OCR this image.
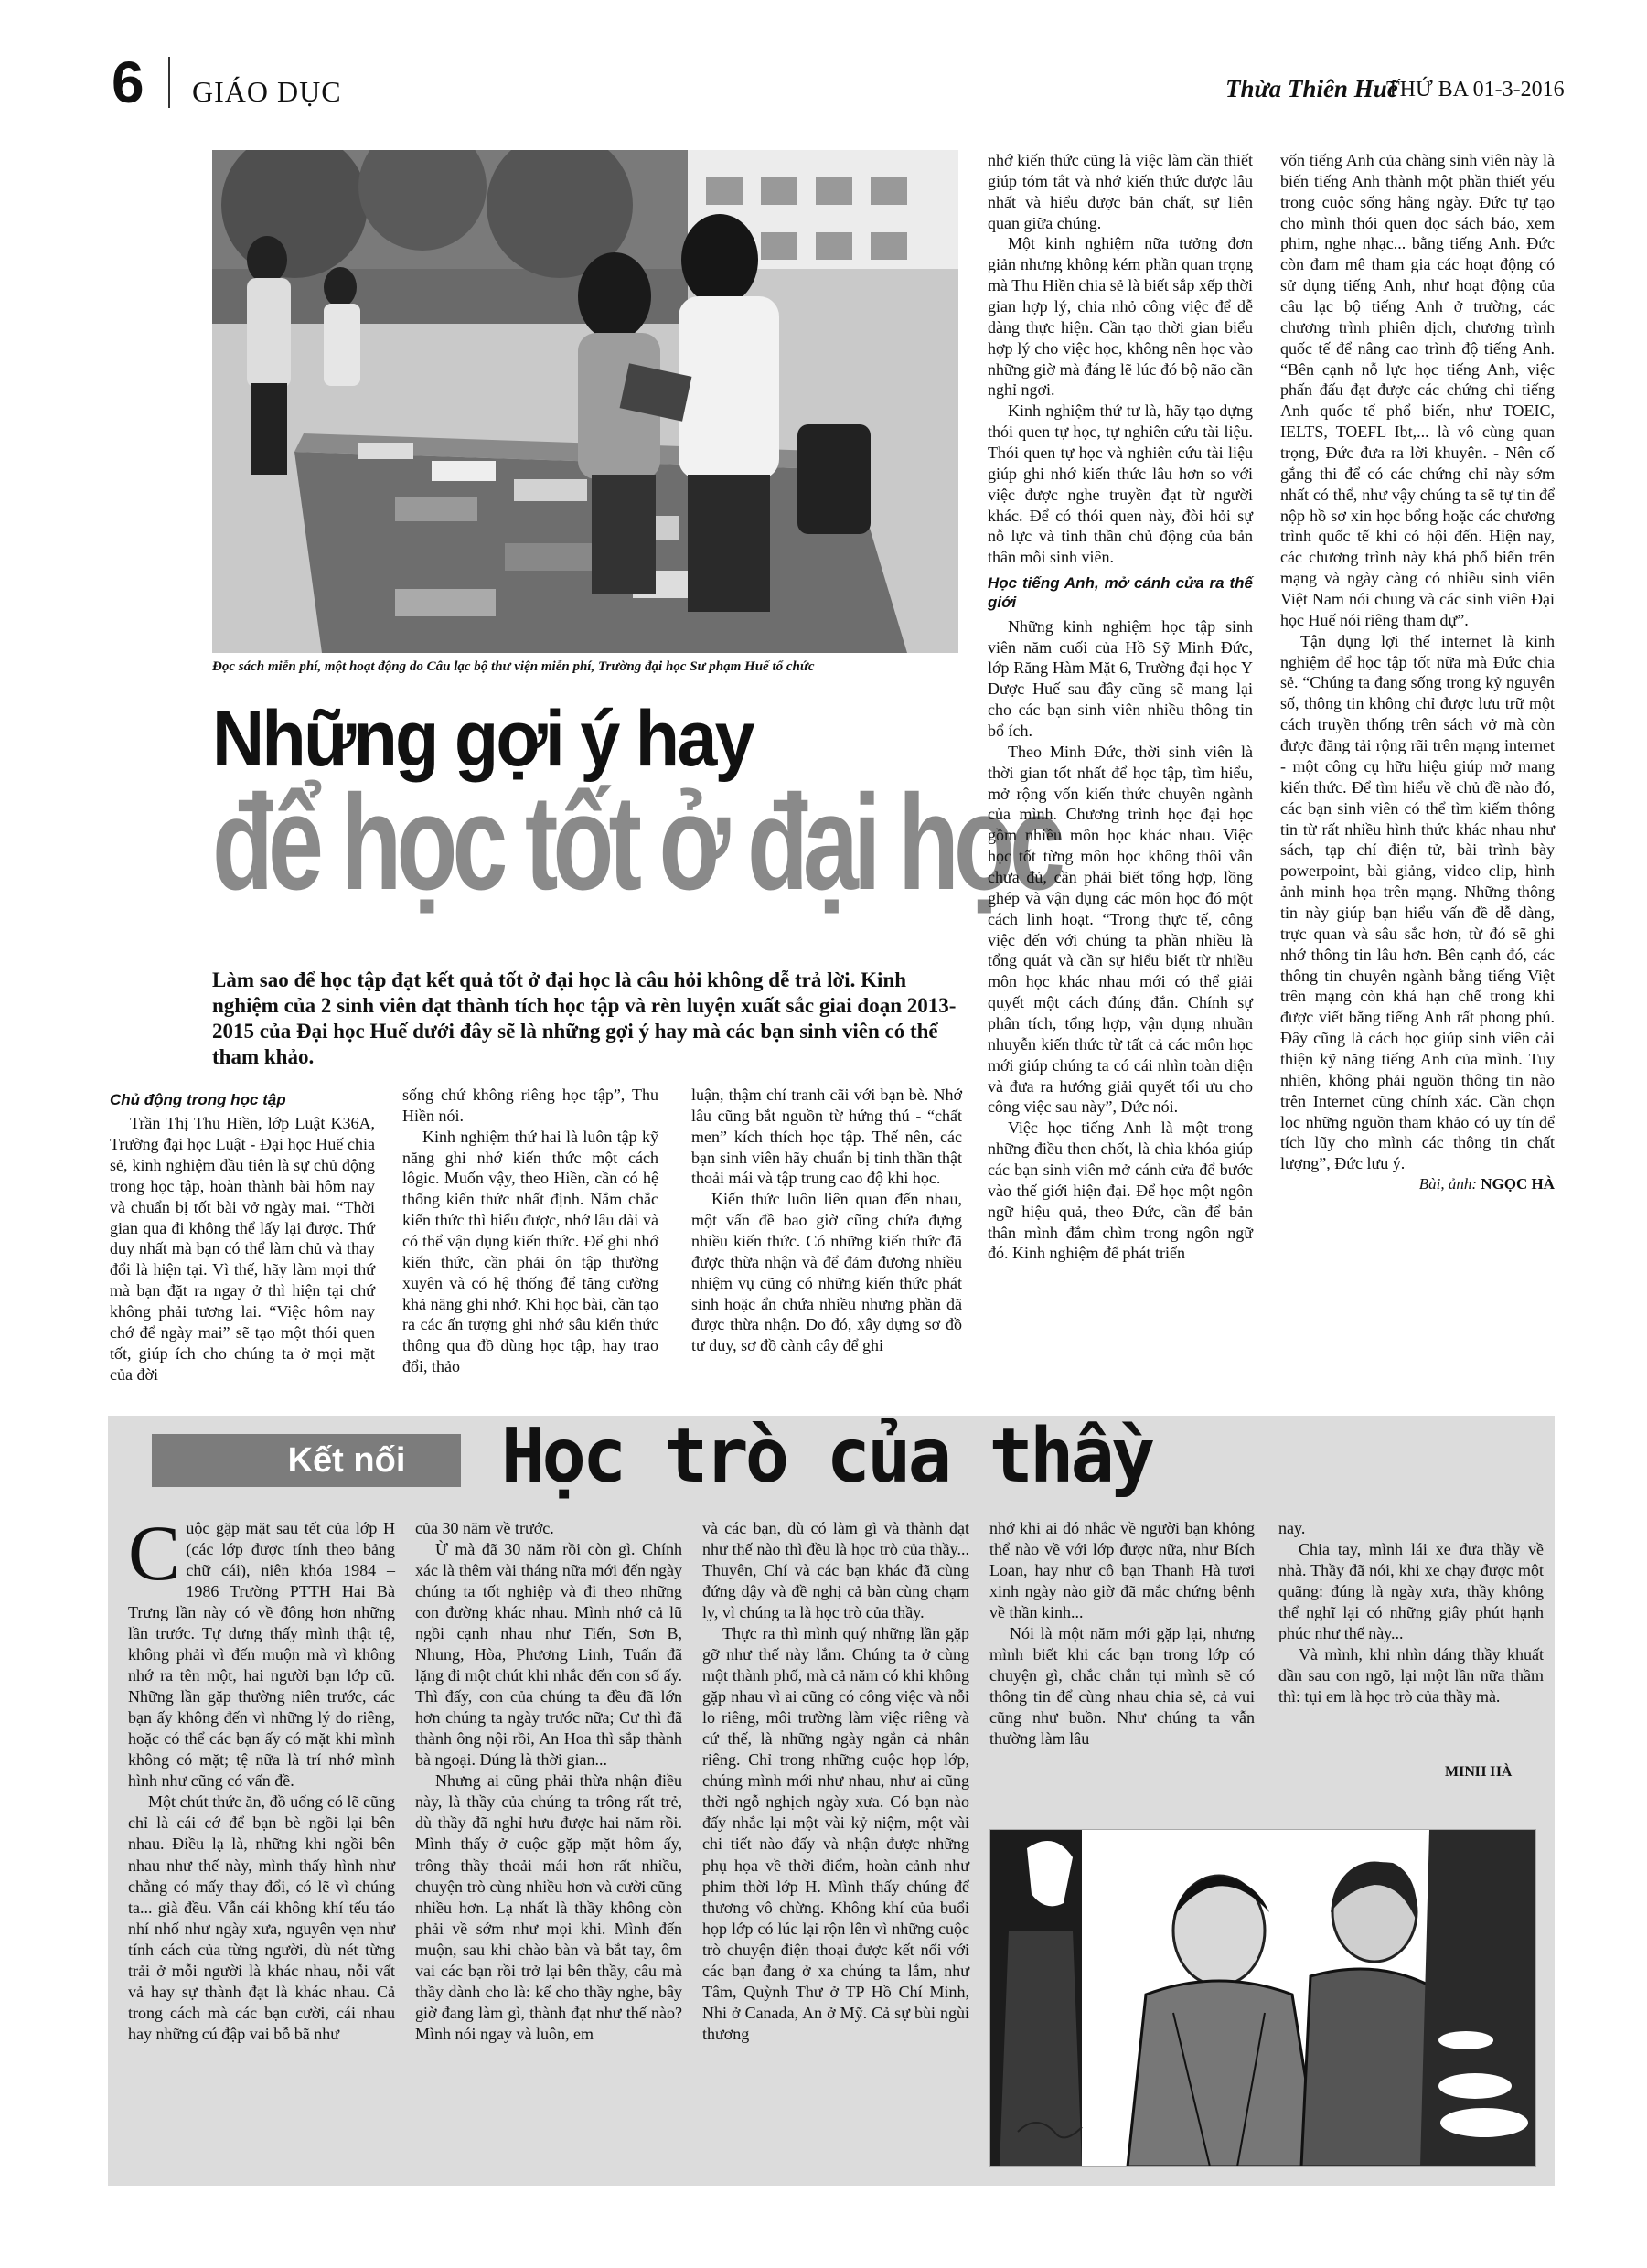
6 GIÁO DỤC	Thừa Thiên Huế
THỨ BA 01-3-2016
Đọc sách miễn phí, một hoạt động do Câu lạc bộ thư viện miễn phí, Trường đại học Sư phạm Huế tổ chức
Những gợi ý hay
để học tốt ở đại học
Làm sao để học tập đạt kết quả tốt ở đại học là câu hỏi không dễ trả lời. Kinh nghiệm của 2 sinh viên đạt thành tích học tập và rèn luyện xuất sắc giai đoạn 2013-2015 của Đại học Huế dưới đây sẽ là những gợi ý hay mà các bạn sinh viên có thể tham khảo.

Chủ động trong học tập

Trần Thị Thu Hiền, lớp Luật K36A, Trường đại học Luật - Đại học Huế chia sẻ, kinh nghiệm đầu tiên là sự chủ động trong học tập, hoàn thành bài hôm nay và chuẩn bị tốt bài vở ngày mai. “Thời gian qua đi không thể lấy lại được. Thứ duy nhất mà bạn có thể làm chủ và thay đổi là hiện tại. Vì thế, hãy làm mọi thứ mà bạn đặt ra ngay ở thì hiện tại chứ không phải tương lai. “Việc hôm nay chớ để ngày mai” sẽ tạo một thói quen tốt, giúp ích cho chúng ta ở mọi mặt của đời

sống chứ không riêng học tập”, Thu Hiền nói.

Kinh nghiệm thứ hai là luôn tập kỹ năng ghi nhớ kiến thức một cách lôgic. Muốn vậy, theo Hiền, cần có hệ thống kiến thức nhất định. Nắm chắc kiến thức thì hiểu được, nhớ lâu dài và có thể vận dụng kiến thức. Để ghi nhớ kiến thức, cần phải ôn tập thường xuyên và có hệ thống để tăng cường khả năng ghi nhớ. Khi học bài, cần tạo ra các ấn tượng ghi nhớ sâu kiến thức thông qua đồ dùng học tập, hay trao đổi, thảo

luận, thậm chí tranh cãi với bạn bè. Nhớ lâu cũng bắt nguồn từ hứng thú - “chất men” kích thích học tập. Thế nên, các bạn sinh viên hãy chuẩn bị tinh thần thật thoải mái và tập trung cao độ khi học.

Kiến thức luôn liên quan đến nhau, một vấn đề bao giờ cũng chứa đựng nhiều kiến thức. Có những kiến thức đã được thừa nhận và để đảm đương nhiều nhiệm vụ cũng có những kiến thức phát sinh hoặc ẩn chứa nhiều nhưng phần đã được thừa nhận. Do đó, xây dựng sơ đồ tư duy, sơ đồ cành cây để ghi

nhớ kiến thức cũng là việc làm cần thiết giúp tóm tắt và nhớ kiến thức được lâu nhất và hiểu được bản chất, sự liên quan giữa chúng.

Một kinh nghiệm nữa tưởng đơn giản nhưng không kém phần quan trọng mà Thu Hiền chia sẻ là biết sắp xếp thời gian hợp lý, chia nhỏ công việc để dễ dàng thực hiện. Cần tạo thời gian biểu hợp lý cho việc học, không nên học vào những giờ mà đáng lẽ lúc đó bộ não cần nghỉ ngơi.

Kinh nghiệm thứ tư là, hãy tạo dựng thói quen tự học, tự nghiên cứu tài liệu. Thói quen tự học và nghiên cứu tài liệu giúp ghi nhớ kiến thức lâu hơn so với việc được nghe truyền đạt từ người khác. Để có thói quen này, đòi hỏi sự nỗ lực và tinh thần chủ động của bản thân mỗi sinh viên.

Học tiếng Anh, mở cánh cửa ra thế giới

Những kinh nghiệm học tập sinh viên năm cuối của Hồ Sỹ Minh Đức, lớp Răng Hàm Mặt 6, Trường đại học Y Dược Huế sau đây cũng sẽ mang lại cho các bạn sinh viên nhiều thông tin bổ ích.

Theo Minh Đức, thời sinh viên là thời gian tốt nhất để học tập, tìm hiểu, mở rộng vốn kiến thức chuyên ngành của mình. Chương trình học đại học gồm nhiều môn học khác nhau. Việc học tốt từng môn học không thôi vẫn chưa đủ, cần phải biết tổng hợp, lồng ghép và vận dụng các môn học đó một cách linh hoạt. “Trong thực tế, công việc đến với chúng ta phần nhiều là tổng quát và cần sự hiểu biết từ nhiều môn học khác nhau mới có thể giải quyết một cách đúng đắn. Chính sự phân tích, tổng hợp, vận dụng nhuần nhuyễn kiến thức từ tất cả các môn học mới giúp chúng ta có cái nhìn toàn diện và đưa ra hướng giải quyết tối ưu cho công việc sau này”, Đức nói.

Việc học tiếng Anh là một trong những điều then chốt, là chìa khóa giúp các bạn sinh viên mở cánh cửa để bước vào thế giới hiện đại. Để học một ngôn ngữ hiệu quả, theo Đức, cần để bản thân mình đắm chìm trong ngôn ngữ đó. Kinh nghiệm để phát triển

vốn tiếng Anh của chàng sinh viên này là biến tiếng Anh thành một phần thiết yếu trong cuộc sống hằng ngày. Đức tự tạo cho mình thói quen đọc sách báo, xem phim, nghe nhạc... bằng tiếng Anh. Đức còn đam mê tham gia các hoạt động có sử dụng tiếng Anh, như hoạt động của câu lạc bộ tiếng Anh ở trường, các chương trình phiên dịch, chương trình quốc tế để nâng cao trình độ tiếng Anh. “Bên cạnh nỗ lực học tiếng Anh, việc phấn đấu đạt được các chứng chỉ tiếng Anh quốc tế phổ biến, như TOEIC, IELTS, TOEFL Ibt,... là vô cùng quan trọng, Đức đưa ra lời khuyên. - Nên cố gắng thi để có các chứng chỉ này sớm nhất có thể, như vậy chúng ta sẽ tự tin để nộp hồ sơ xin học bổng hoặc các chương trình quốc tế khi có hội đến. Hiện nay, các chương trình này khá phổ biến trên mạng và ngày càng có nhiều sinh viên Việt Nam nói chung và các sinh viên Đại học Huế nói riêng tham dự”.

Tận dụng lợi thế internet là kinh nghiệm để học tập tốt nữa mà Đức chia sẻ. “Chúng ta đang sống trong kỷ nguyên số, thông tin không chỉ được lưu trữ một cách truyền thống trên sách vở mà còn được đăng tải rộng rãi trên mạng internet - một công cụ hữu hiệu giúp mở mang kiến thức. Để tìm hiểu về chủ đề nào đó, các bạn sinh viên có thể tìm kiếm thông tin từ rất nhiều hình thức khác nhau như sách, tạp chí điện tử, bài trình bày powerpoint, bài giảng, video clip, hình ảnh minh họa trên mạng. Những thông tin này giúp bạn hiểu vấn đề dễ dàng, trực quan và sâu sắc hơn, từ đó sẽ ghi nhớ thông tin lâu hơn. Bên cạnh đó, các thông tin chuyên ngành bằng tiếng Việt trên mạng còn khá hạn chế trong khi được viết bằng tiếng Anh rất phong phú. Đây cũng là cách học giúp sinh viên cải thiện kỹ năng tiếng Anh của mình. Tuy nhiên, không phải nguồn thông tin nào trên Internet cũng chính xác. Cần chọn lọc những nguồn tham khảo có uy tín để tích lũy cho mình các thông tin chất lượng”, Đức lưu ý.

Bài, ảnh: NGỌC HÀ

Kết nối	Học trò của thầy

Cuộc gặp mặt sau tết của lớp H (các lớp được tính theo bảng chữ cái), niên khóa 1984 – 1986 Trường PTTH Hai Bà Trưng lần này có về đông hơn những lần trước. Tự dưng thấy mình thật tệ, không phải vì đến muộn mà vì không nhớ ra tên một, hai người bạn lớp cũ. Những lần gặp thường niên trước, các bạn ấy không đến vì những lý do riêng, hoặc có thể các bạn ấy có mặt khi mình không có mặt; tệ nữa là trí nhớ mình hình như cũng có vấn đề.

Một chút thức ăn, đồ uống có lẽ cũng chỉ là cái cớ để bạn bè ngồi lại bên nhau. Điều lạ là, những khi ngồi bên nhau như thế này, mình thấy hình như chẳng có mấy thay đổi, có lẽ vì chúng ta... già đều. Vẫn cái không khí tếu táo nhí nhố như ngày xưa, nguyên vẹn như tính cách của từng người, dù nét từng trải ở mỗi người là khác nhau, nỗi vất vả hay sự thành đạt là khác nhau. Cả trong cách mà các bạn cười, cái nhau hay những cú đập vai bỗ bã như

của 30 năm về trước.

Ừ mà đã 30 năm rồi còn gì. Chính xác là thêm vài tháng nữa mới đến ngày chúng ta tốt nghiệp và đi theo những con đường khác nhau. Mình nhớ cả lũ ngồi cạnh nhau như Tiến, Sơn B, Nhung, Hòa, Phương Linh, Tuấn đã lặng đi một chút khi nhắc đến con số ấy. Thì đấy, con của chúng ta đều đã lớn hơn chúng ta ngày trước nữa; Cư thì đã thành ông nội rồi, An Hoa thì sắp thành bà ngoại. Đúng là thời gian...

Nhưng ai cũng phải thừa nhận điều này, là thầy của chúng ta trông rất trẻ, dù thầy đã nghỉ hưu được hai năm rồi. Mình thấy ở cuộc gặp mặt hôm ấy, trông thầy thoải mái hơn rất nhiều, chuyện trò cùng nhiều hơn và cười cũng nhiều hơn. Lạ nhất là thầy không còn phải về sớm như mọi khi. Mình đến muộn, sau khi chào bàn và bắt tay, ôm vai các bạn rồi trở lại bên thầy, câu mà thầy dành cho là: kể cho thầy nghe, bây giờ đang làm gì, thành đạt như thế nào? Mình nói ngay và luôn, em

và các bạn, dù có làm gì và thành đạt như thế nào thì đều là học trò của thầy... Thuyên, Chí và các bạn khác đã cùng đứng dậy và đề nghị cả bàn cùng chạm ly, vì chúng ta là học trò của thầy.

Thực ra thì mình quý những lần gặp gỡ như thế này lắm. Chúng ta ở cùng một thành phố, mà cả năm có khi không gặp nhau vì ai cũng có công việc và nỗi lo riêng, môi trường làm việc riêng và cứ thế, là những ngày ngắn cả nhân riêng. Chỉ trong những cuộc họp lớp, chúng mình mới như nhau, như ai cũng thời ngỗ nghịch ngày xưa. Có bạn nào đấy nhắc lại một vài kỷ niệm, một vài chi tiết nào đấy và nhận được những phụ họa về thời điểm, hoàn cảnh như phim thời lớp H. Mình thấy chúng để thương vô chừng. Không khí của buổi họp lớp có lúc lại rộn lên vì những cuộc trò chuyện điện thoại được kết nối với các bạn đang ở xa chúng ta lắm, như Tâm, Quỳnh Thư ở TP Hồ Chí Minh, Nhi ở Canada, An ở Mỹ. Cả sự bùi ngùi thương

nhớ khi ai đó nhắc về người bạn không thể nào về với lớp được nữa, như Bích Loan, hay như cô bạn Thanh Hà tươi xinh ngày nào giờ đã mắc chứng bệnh về thần kinh...

Nói là một năm mới gặp lại, nhưng mình biết khi các bạn trong lớp có chuyện gì, chắc chắn tụi mình sẽ có thông tin để cùng nhau chia sẻ, cả vui cũng như buồn. Như chúng ta vẫn thường làm lâu

nay.

Chia tay, mình lái xe đưa thầy về nhà. Thầy đã nói, khi xe chạy được một quãng: đúng là ngày xưa, thầy không thể nghĩ lại có những giây phút hạnh phúc như thế này...

Và mình, khi nhìn dáng thầy khuất dần sau con ngõ, lại một lần nữa thầm thì: tụi em là học trò của thầy mà.

MINH HÀ
